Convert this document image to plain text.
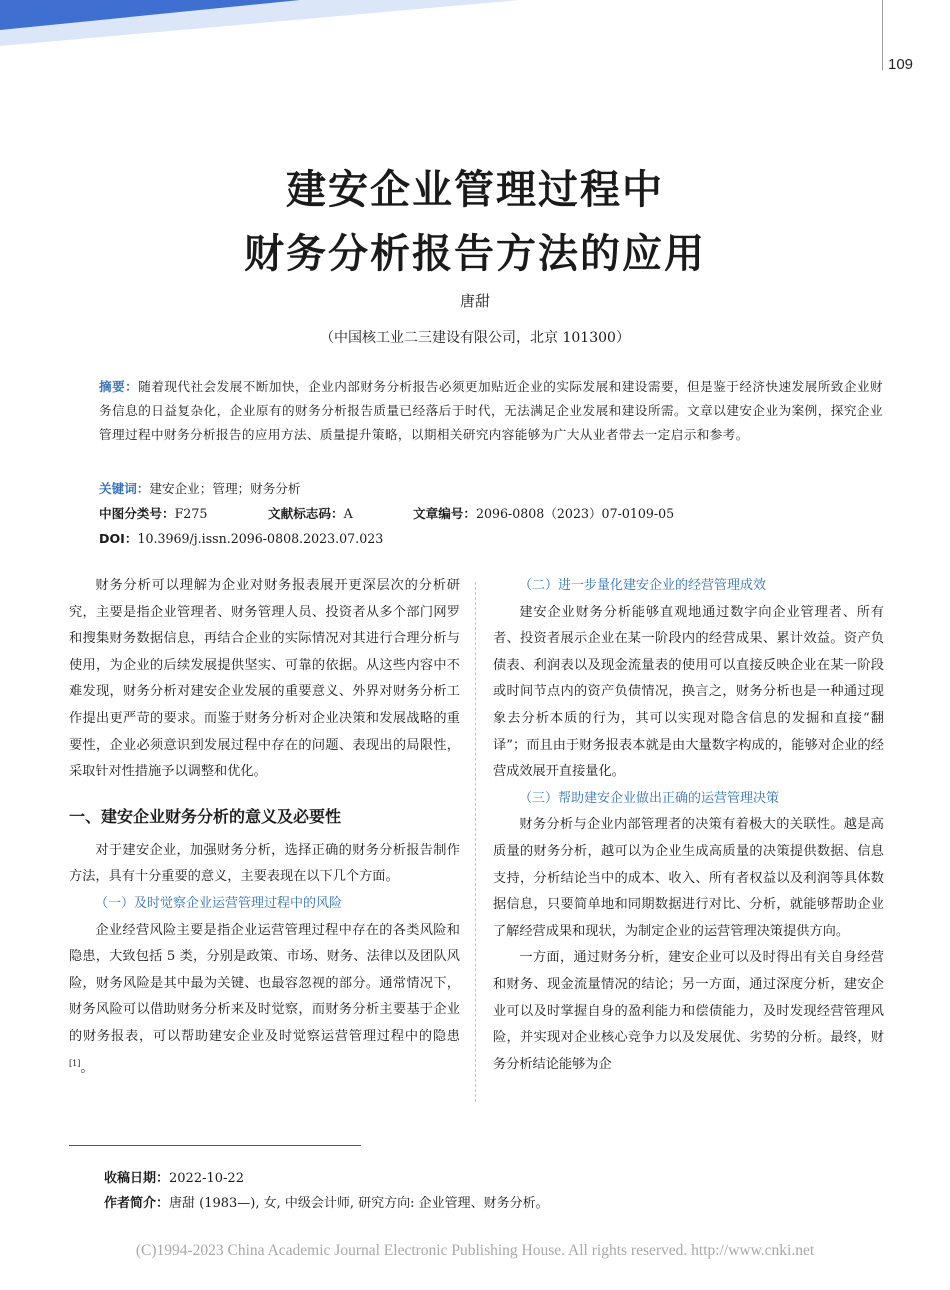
109
建安企业管理过程中
财务分析报告方法的应用
唐甜
（中国核工业二三建设有限公司，北京 101300）
摘要：随着现代社会发展不断加快，企业内部财务分析报告必须更加贴近企业的实际发展和建设需要，但是鉴于经济快速发展所致企业财务信息的日益复杂化，企业原有的财务分析报告质量已经落后于时代，无法满足企业发展和建设所需。文章以建安企业为案例，探究企业管理过程中财务分析报告的应用方法、质量提升策略，以期相关研究内容能够为广大从业者带去一定启示和参考。
关键词：建安企业；管理；财务分析
中图分类号：F275	文献标志码：A	文章编号：2096-0808（2023）07-0109-05
DOI：10.3969/j.issn.2096-0808.2023.07.023

财务分析可以理解为企业对财务报表展开更深层次的分析研究，主要是指企业管理者、财务管理人员、投资者从多个部门网罗和搜集财务数据信息，再结合企业的实际情况对其进行合理分析与使用，为企业的后续发展提供坚实、可靠的依据。从这些内容中不难发现，财务分析对建安企业发展的重要意义、外界对财务分析工作提出更严苛的要求。而鉴于财务分析对企业决策和发展战略的重要性，企业必须意识到发展过程中存在的问题、表现出的局限性，采取针对性措施予以调整和优化。

一、建安企业财务分析的意义及必要性

对于建安企业，加强财务分析，选择正确的财务分析报告制作方法，具有十分重要的意义，主要表现在以下几个方面。

（一）及时觉察企业运营管理过程中的风险

企业经营风险主要是指企业运营管理过程中存在的各类风险和隐患，大致包括 5 类，分别是政策、市场、财务、法律以及团队风险，财务风险是其中最为关键、也最容忽视的部分。通常情况下，财务风险可以借助财务分析来及时觉察，而财务分析主要基于企业的财务报表，可以帮助建安企业及时觉察运营管理过程中的隐患[1]。

（二）进一步量化建安企业的经营管理成效

建安企业财务分析能够直观地通过数字向企业管理者、所有者、投资者展示企业在某一阶段内的经营成果、累计效益。资产负债表、利润表以及现金流量表的使用可以直接反映企业在某一阶段或时间节点内的资产负债情况，换言之，财务分析也是一种通过现象去分析本质的行为，其可以实现对隐含信息的发掘和直接“翻译”；而且由于财务报表本就是由大量数字构成的，能够对企业的经营成效展开直接量化。

（三）帮助建安企业做出正确的运营管理决策

财务分析与企业内部管理者的决策有着极大的关联性。越是高质量的财务分析，越可以为企业生成高质量的决策提供数据、信息支持，分析结论当中的成本、收入、所有者权益以及利润等具体数据信息，只要简单地和同期数据进行对比、分析，就能够帮助企业了解经营成果和现状，为制定企业的运营管理决策提供方向。

一方面，通过财务分析，建安企业可以及时得出有关自身经营和财务、现金流量情况的结论；另一方面，通过深度分析，建安企业可以及时掌握自身的盈利能力和偿债能力，及时发现经营管理风险，并实现对企业核心竞争力以及发展优、劣势的分析。最终，财务分析结论能够为企

收稿日期：2022-10-22
作者简介：唐甜 (1983—), 女, 中级会计师, 研究方向: 企业管理、财务分析。
(C)1994-2023 China Academic Journal Electronic Publishing House. All rights reserved. http://www.cnki.net
